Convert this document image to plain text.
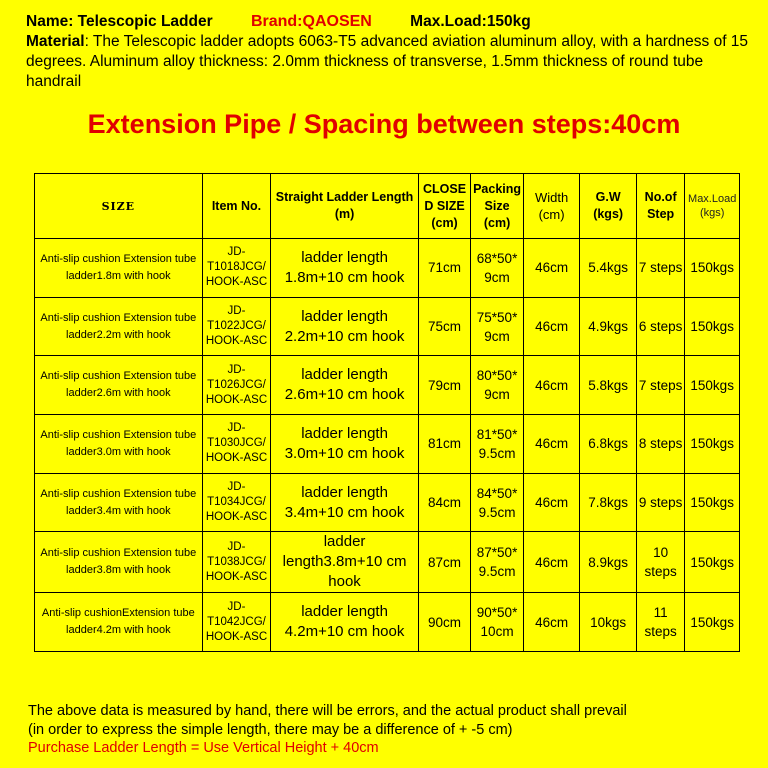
Name: Telescopic Ladder Brand:QAOSEN Max.Load:150kg
Material: The Telescopic ladder adopts 6063-T5 advanced aviation aluminum alloy, with a hardness of 15 degrees. Aluminum alloy thickness: 2.0mm thickness of transverse, 1.5mm thickness of round tube handrail
Extension Pipe / Spacing between steps:40cm
SIZE	Item No.	Straight Ladder Length (m)	CLOSE D SIZE (cm)	Packing Size (cm)	Width (cm)	G.W (kgs)	No.of Step	Max.Load (kgs)
Anti-slip cushion Extension tube ladder1.8m with hook	JD-T1018JCG/ HOOK-ASC	ladder length 1.8m+10 cm hook	71cm	68*50* 9cm	46cm	5.4kgs	7 steps	150kgs
Anti-slip cushion Extension tube ladder2.2m with hook	JD-T1022JCG/ HOOK-ASC	ladder length 2.2m+10 cm hook	75cm	75*50* 9cm	46cm	4.9kgs	6 steps	150kgs
Anti-slip cushion Extension tube ladder2.6m with hook	JD-T1026JCG/ HOOK-ASC	ladder length 2.6m+10 cm hook	79cm	80*50* 9cm	46cm	5.8kgs	7 steps	150kgs
Anti-slip cushion Extension tube ladder3.0m with hook	JD-T1030JCG/ HOOK-ASC	ladder length 3.0m+10 cm hook	81cm	81*50* 9.5cm	46cm	6.8kgs	8 steps	150kgs
Anti-slip cushion Extension tube ladder3.4m with hook	JD-T1034JCG/ HOOK-ASC	ladder length 3.4m+10 cm hook	84cm	84*50* 9.5cm	46cm	7.8kgs	9 steps	150kgs
Anti-slip cushion Extension tube ladder3.8m with hook	JD-T1038JCG/ HOOK-ASC	ladder length3.8m+10 cm hook	87cm	87*50* 9.5cm	46cm	8.9kgs	10 steps	150kgs
Anti-slip cushionExtension tube ladder4.2m with hook	JD-T1042JCG/ HOOK-ASC	ladder length 4.2m+10 cm hook	90cm	90*50* 10cm	46cm	10kgs	11 steps	150kgs
The above data is measured by hand, there will be errors, and the actual product shall prevail
(in order to express the simple length, there may be a difference of + -5 cm)
Purchase Ladder Length = Use Vertical Height + 40cm
